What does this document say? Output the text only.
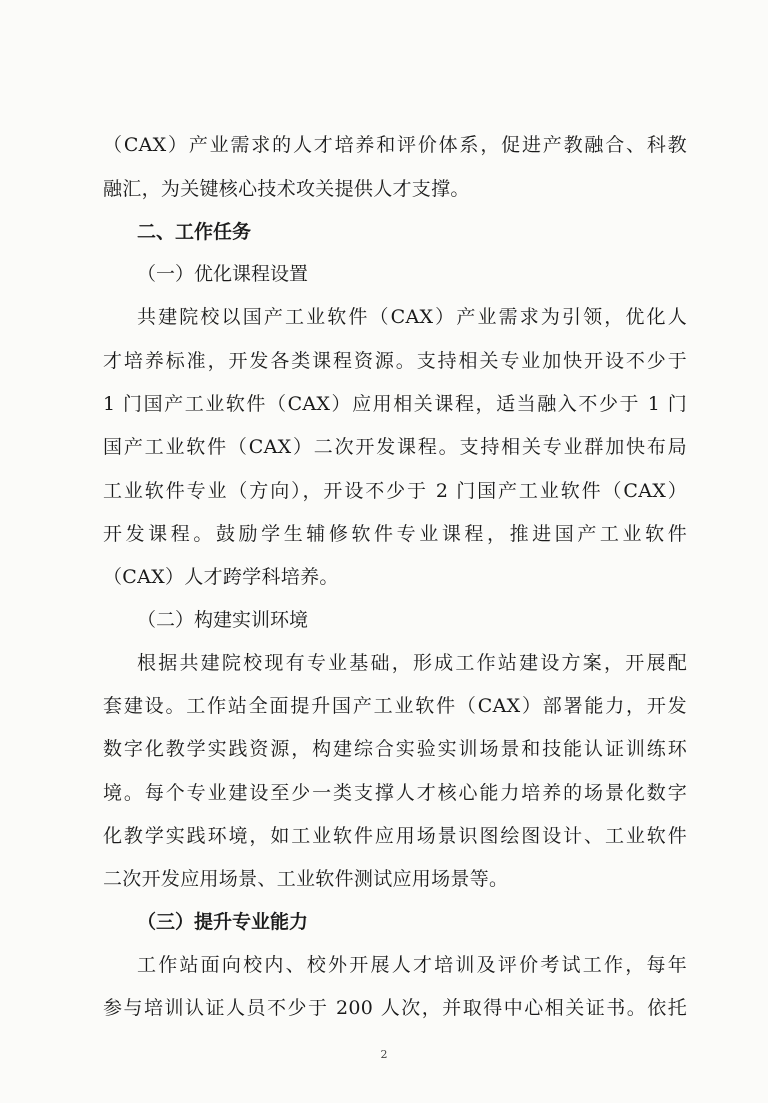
（CAX）产业需求的人才培养和评价体系，促进产教融合、科教
融汇，为关键核心技术攻关提供人才支撑。
二、工作任务
（一）优化课程设置
共建院校以国产工业软件（CAX）产业需求为引领，优化人
才培养标准，开发各类课程资源。支持相关专业加快开设不少于
1 门国产工业软件（CAX）应用相关课程，适当融入不少于 1 门
国产工业软件（CAX）二次开发课程。支持相关专业群加快布局
工业软件专业（方向），开设不少于 2 门国产工业软件（CAX）
开发课程。鼓励学生辅修软件专业课程，推进国产工业软件
（CAX）人才跨学科培养。
（二）构建实训环境
根据共建院校现有专业基础，形成工作站建设方案，开展配
套建设。工作站全面提升国产工业软件（CAX）部署能力，开发
数字化教学实践资源，构建综合实验实训场景和技能认证训练环
境。每个专业建设至少一类支撑人才核心能力培养的场景化数字
化教学实践环境，如工业软件应用场景识图绘图设计、工业软件
二次开发应用场景、工业软件测试应用场景等。
（三）提升专业能力
工作站面向校内、校外开展人才培训及评价考试工作，每年
参与培训认证人员不少于 200 人次，并取得中心相关证书。依托
2
